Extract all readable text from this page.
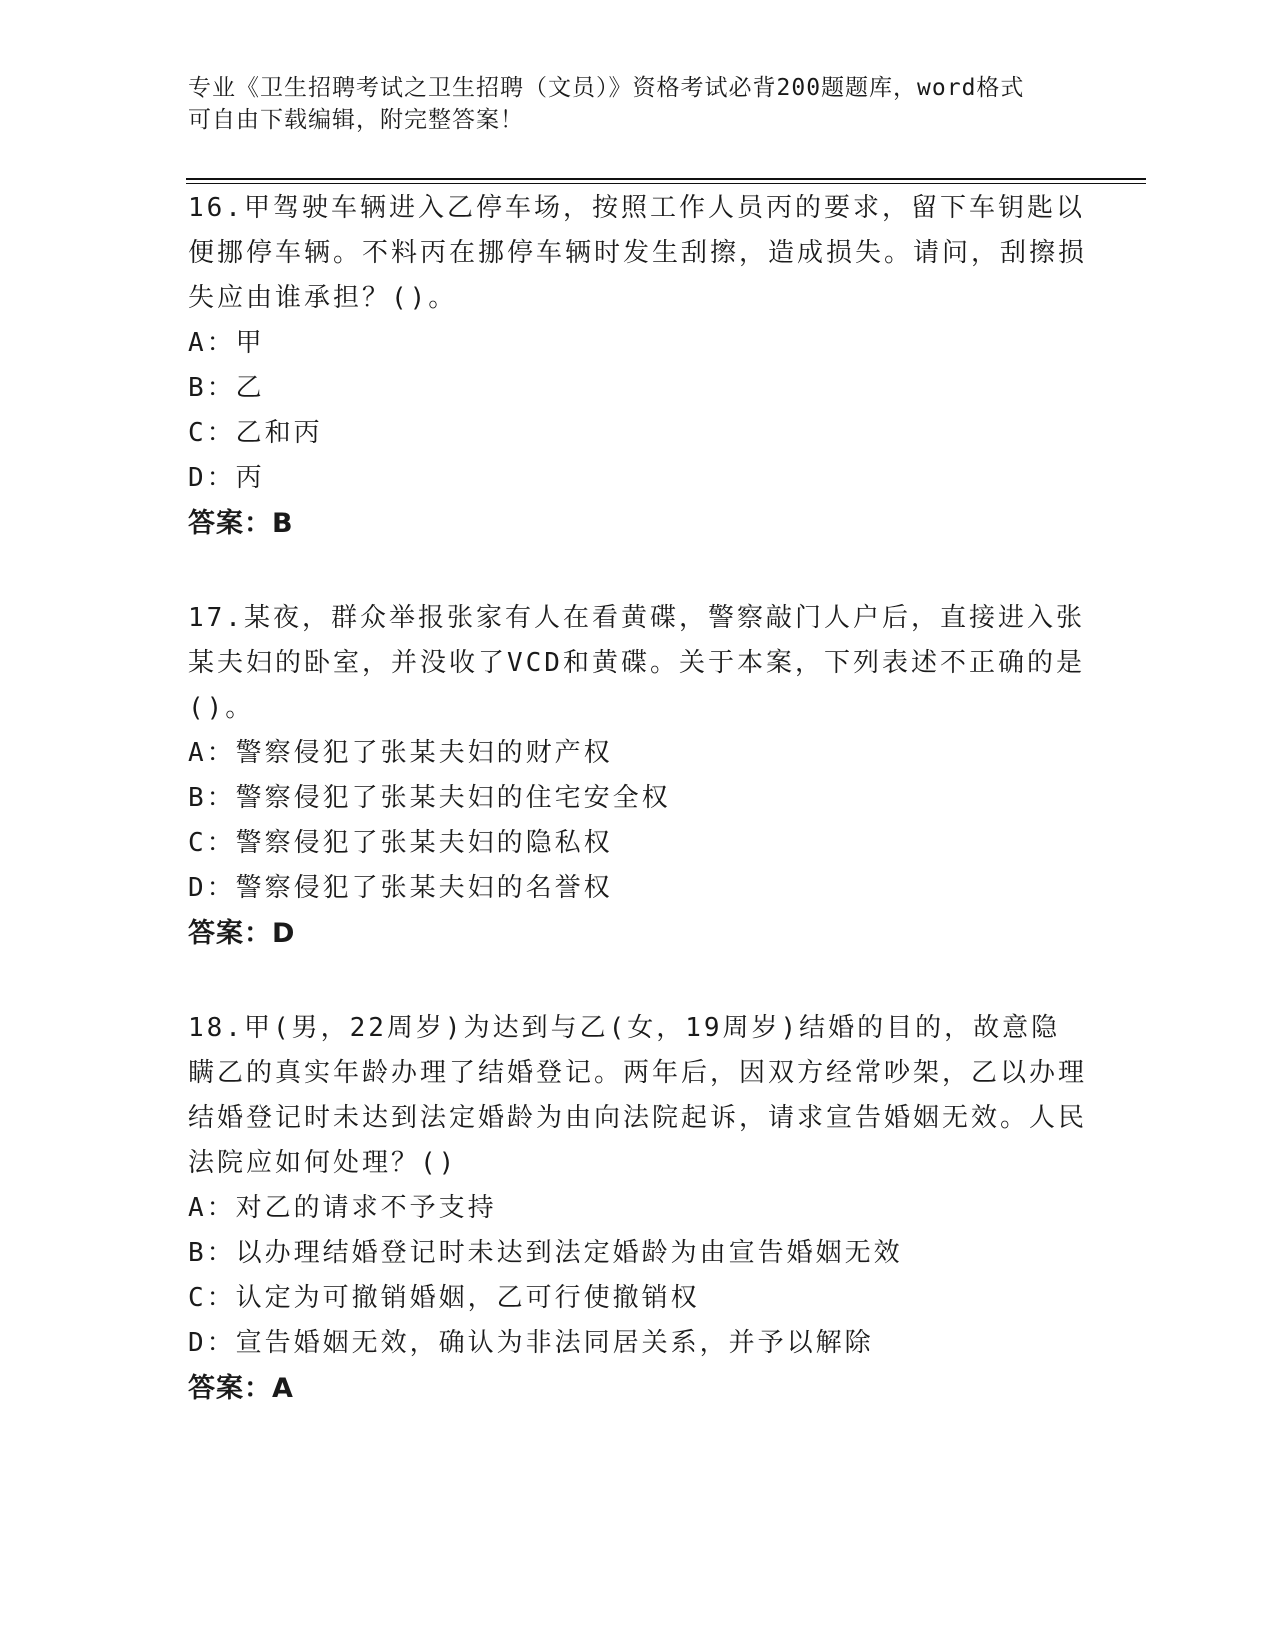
专业《卫生招聘考试之卫生招聘（文员）》资格考试必背200题题库，word格式
可自由下载编辑，附完整答案！

16.甲驾驶车辆进入乙停车场，按照工作人员丙的要求，留下车钥匙以便挪停车辆。不料丙在挪停车辆时发生刮擦，造成损失。请问，刮擦损失应由谁承担？()。

A：甲
B：乙
C：乙和丙
D：丙
答案：B

17.某夜，群众举报张家有人在看黄碟，警察敲门人户后，直接进入张某夫妇的卧室，并没收了VCD和黄碟。关于本案，下列表述不正确的是()。

A：警察侵犯了张某夫妇的财产权
B：警察侵犯了张某夫妇的住宅安全权
C：警察侵犯了张某夫妇的隐私权
D：警察侵犯了张某夫妇的名誉权
答案：D

18.甲(男，22周岁)为达到与乙(女，19周岁)结婚的目的，故意隐瞒乙的真实年龄办理了结婚登记。两年后，因双方经常吵架，乙以办理结婚登记时未达到法定婚龄为由向法院起诉，请求宣告婚姻无效。人民法院应如何处理？()

A：对乙的请求不予支持
B：以办理结婚登记时未达到法定婚龄为由宣告婚姻无效
C：认定为可撤销婚姻，乙可行使撤销权
D：宣告婚姻无效，确认为非法同居关系，并予以解除
答案：A
